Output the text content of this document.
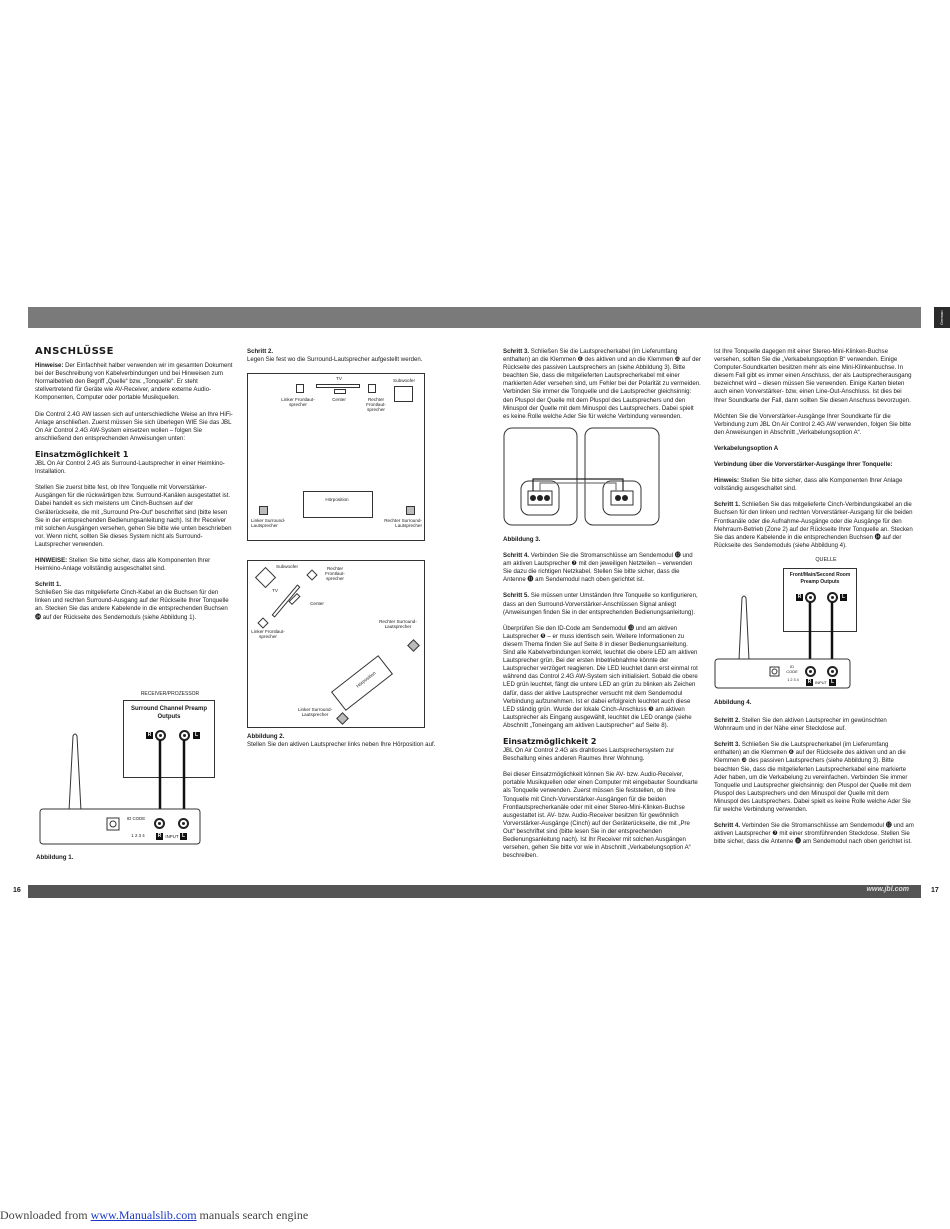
German
www.jbl.com
16	17
ANSCHLÜSSE

Hinweise: Der Einfachheit halber verwenden wir im gesamten Dokument bei der Beschreibung von Kabelverbindungen und bei Hinweisen zum Normalbetrieb den Begriff „Quelle“ bzw. „Tonquelle“. Er steht stellvertretend für Geräte wie AV-Receiver, andere externe Audio-Komponenten, Computer oder portable Musikquellen.

Die Control 2.4G AW lassen sich auf unterschiedliche Weise an Ihre HiFi-Anlage anschließen. Zuerst müssen Sie sich überlegen WIE Sie das JBL On Air Control 2.4G AW-System einsetzen wollen – folgen Sie anschließend den entsprechenden Anweisungen unten:

Einsatzmöglichkeit 1

JBL On Air Control 2.4G als Surround-Lautsprecher in einer Heimkino-Installation.

Stellen Sie zuerst bitte fest, ob Ihre Tonquelle mit Vorverstärker-Ausgängen für die rückwärtigen bzw. Surround-Kanälen ausgestattet ist. Dabei handelt es sich meistens um Cinch-Buchsen auf der Geräterückseite, die mit „Surround Pre-Out“ beschriftet sind (bitte lesen Sie in der entsprechenden Bedienungsanleitung nach). Ist Ihr Receiver mit solchen Ausgängen versehen, gehen Sie bitte wie unten beschrieben vor. Wenn nicht, sollten Sie dieses System nicht als Surround-Lautsprecher verwenden.

HINWEISE: Stellen Sie bitte sicher, dass alle Komponenten Ihrer Heimkino-Anlage vollständig ausgeschaltet sind.

Schritt 1.

Schließen Sie das mitgelieferte Cinch-Kabel an die Buchsen für den linken und rechten Surround-Ausgang auf der Rückseite Ihrer Tonquelle an. Stecken Sie das andere Kabelende in die entsprechenden Buchsen ⓮ auf der Rückseite des Sendemoduls (siehe Abbildung 1).

RECEIVER/PROZESSOR
Surround Channel Preamp Outputs
R	L
ID CODE
1 2 3 4	R INPUT L
Abbildung 1.

Schritt 2.

Legen Sie fest wo die Surround-Lautsprecher aufgestellt werden.

TV	Subwoofer
Linker Frontlaut-sprecher
Center	Rechter Frontlaut-sprecher
Hörposition
Linker Surround-Lautsprecher
Rechter Surround-Lautsprecher
Subwoofer
TV
Rechter Frontlaut-sprecher
Center
Linker Frontlaut-sprecher
Rechter Surround-Lautsprecher
Hörposition
Linker Surround-Lautsprecher

Abbildung 2.

Stellen Sie den aktiven Lautsprecher links neben Ihre Hörposition auf.

Schritt 3. Schließen Sie die Lautsprecherkabel (im Lieferumfang enthalten) an die Klemmen ❻ des aktiven und an die Klemmen ❿ auf der Rückseite des passiven Lautsprechers an (siehe Abbildung 3). Bitte beachten Sie, dass die mitgelieferten Lautsprecherkabel mit einer markierten Ader versehen sind, um Fehler bei der Polarität zu vermeiden. Verbinden Sie immer die Tonquelle und die Lautsprecher gleichsinnig: den Pluspol der Quelle mit dem Pluspol des Lautsprechers und den Minuspol der Quelle mit dem Minuspol des Lautsprechers. Dabei spielt es keine Rolle welche Ader Sie für welche Verbindung verwenden.

Abbildung 3.

Schritt 4. Verbinden Sie die Stromanschlüsse am Sendemodul ⓬ und am aktiven Lautsprecher ❼ mit den jeweiligen Netzteilen – verwenden Sie dazu die richtigen Netzkabel. Stellen Sie bitte sicher, dass die Antenne ⓫ am Sendemodul nach oben gerichtet ist.

Schritt 5. Sie müssen unter Umständen Ihre Tonquelle so konfigurieren, dass an den Surround-Vorverstärker-Anschlüssen Signal anliegt (Anweisungen finden Sie in der entsprechenden Bedienungsanleitung).

Überprüfen Sie den ID-Code am Sendemodul ⓭ und am aktiven Lautsprecher ❺ – er muss identisch sein. Weitere Informationen zu diesem Thema finden Sie auf Seite 8 in dieser Bedienungsanleitung. Sind alle Kabelverbindungen korrekt, leuchtet die obere LED am aktiven Lautsprecher grün. Bei der ersten Inbetriebnahme könnte der Lautsprecher verzögert reagieren. Die LED leuchtet dann erst einmal rot während das Control 2.4G AW-System sich initialisiert. Sobald die obere LED grün leuchtet, fängt die untere LED an grün zu blinken als Zeichen dafür, dass der aktive Lautsprecher versucht mit dem Sendemodul Verbindung aufzunehmen. Ist er dabei erfolgreich leuchtet auch diese LED ständig grün. Wurde der lokale Cinch-Anschluss ❸ am aktiven Lautsprecher als Eingang ausgewählt, leuchtet die LED orange (siehe Abschnitt „Toneingang am aktiven Lautsprecher“ auf Seite 8).

Einsatzmöglichkeit 2

JBL On Air Control 2.4G als drahtloses Lautsprechersystem zur Beschallung eines anderen Raumes Ihrer Wohnung.

Bei dieser Einsatzmöglichkeit können Sie AV- bzw. Audio-Receiver, portable Musikquellen oder einen Computer mit eingebauter Soundkarte als Tonquelle verwenden. Zuerst müssen Sie feststellen, ob Ihre Tonquelle mit Cinch-Vorverstärker-Ausgängen für die beiden Frontlautsprecherkanäle oder mit einer Stereo-Mini-Klinken-Buchse ausgestattet ist. AV- bzw. Audio-Receiver besitzen für gewöhnlich Vorverstärker-Ausgänge (Cinch) auf der Geräterückseite, die mit „Pre Out“ beschriftet sind (bitte lesen Sie in der entsprechenden Bedienungsanleitung nach). Ist Ihr Receiver mit solchen Ausgängen versehen, gehen Sie bitte vor wie in Abschnitt „Verkabelungsoption A“ beschreiben.

Ist Ihre Tonquelle dagegen mit einer Stereo-Mini-Klinken-Buchse versehen, sollten Sie die „Verkabelungsoption B“ verwenden. Einige Computer-Soundkarten besitzen mehr als eine Mini-Klinkenbuchse. In diesem Fall gibt es immer einen Anschluss, der als Lautsprecherausgang bezeichnet wird – diesen müssen Sie verwenden. Einige Karten bieten auch einen Vorverstärker- bzw. einen Line-Out-Anschluss. Ist dies bei Ihrer Soundkarte der Fall, dann sollten Sie diesen Anschuss bevorzugen.

Möchten Sie die Vorverstärker-Ausgänge Ihrer Soundkarte für die Verbindung zum JBL On Air Control 2.4G AW verwenden, folgen Sie bitte den Anweisungen in Abschnitt „Verkabelungsoption A“.

Verkabelungsoption A

Verbindung über die Vorverstärker-Ausgänge Ihrer Tonquelle:

Hinweis: Stellen Sie bitte sicher, dass alle Komponenten Ihrer Anlage vollständig ausgeschaltet sind.

Schritt 1. Schließen Sie das mitgelieferte Cinch-Verbindungskabel an die Buchsen für den linken und rechten Vorverstärker-Ausgang für die beiden Frontkanäle oder die Aufnahme-Ausgänge oder die Ausgänge für den Mehrraum-Betrieb (Zone 2) auf der Rückseite Ihrer Tonquelle an. Stecken Sie das andere Kabelende in die entsprechenden Buchsen ⓮ auf der Rückseite des Sendemoduls (siehe Abbildung 4).

QUELLE
Front/Main/Second Room Preamp Outputs
R	L
ID CODE
1 2 3 4	R INPUT L

Abbildung 4.

Schritt 2. Stellen Sie den aktiven Lautsprecher im gewünschten Wohnraum und in der Nähe einer Steckdose auf.

Schritt 3. Schließen Sie die Lautsprecherkabel (im Lieferumfang enthalten) an die Klemmen ❻ auf der Rückseite des aktiven und an die Klemmen ❿ des passiven Lautsprechers (siehe Abbildung 3). Bitte beachten Sie, dass die mitgelieferten Lautsprecherkabel eine markierte Ader haben, um die Verkabelung zu vereinfachen. Verbinden Sie immer Tonquelle und Lautsprecher gleichsinnig: den Pluspol der Quelle mit dem Pluspol des Lautsprechers und den Minuspol der Quelle mit dem Minuspol des Lautsprechers. Dabei spielt es keine Rolle welche Ader Sie für welche Verbindung verwenden.

Schritt 4. Verbinden Sie die Stromanschlüsse am Sendemodul ⓬ und am aktiven Lautsprecher ❼ mit einer stromführenden Steckdose. Stellen Sie bitte sicher, dass die Antenne ⓫ am Sendemodul nach oben gerichtet ist.

Downloaded from www.Manualslib.com manuals search engine
